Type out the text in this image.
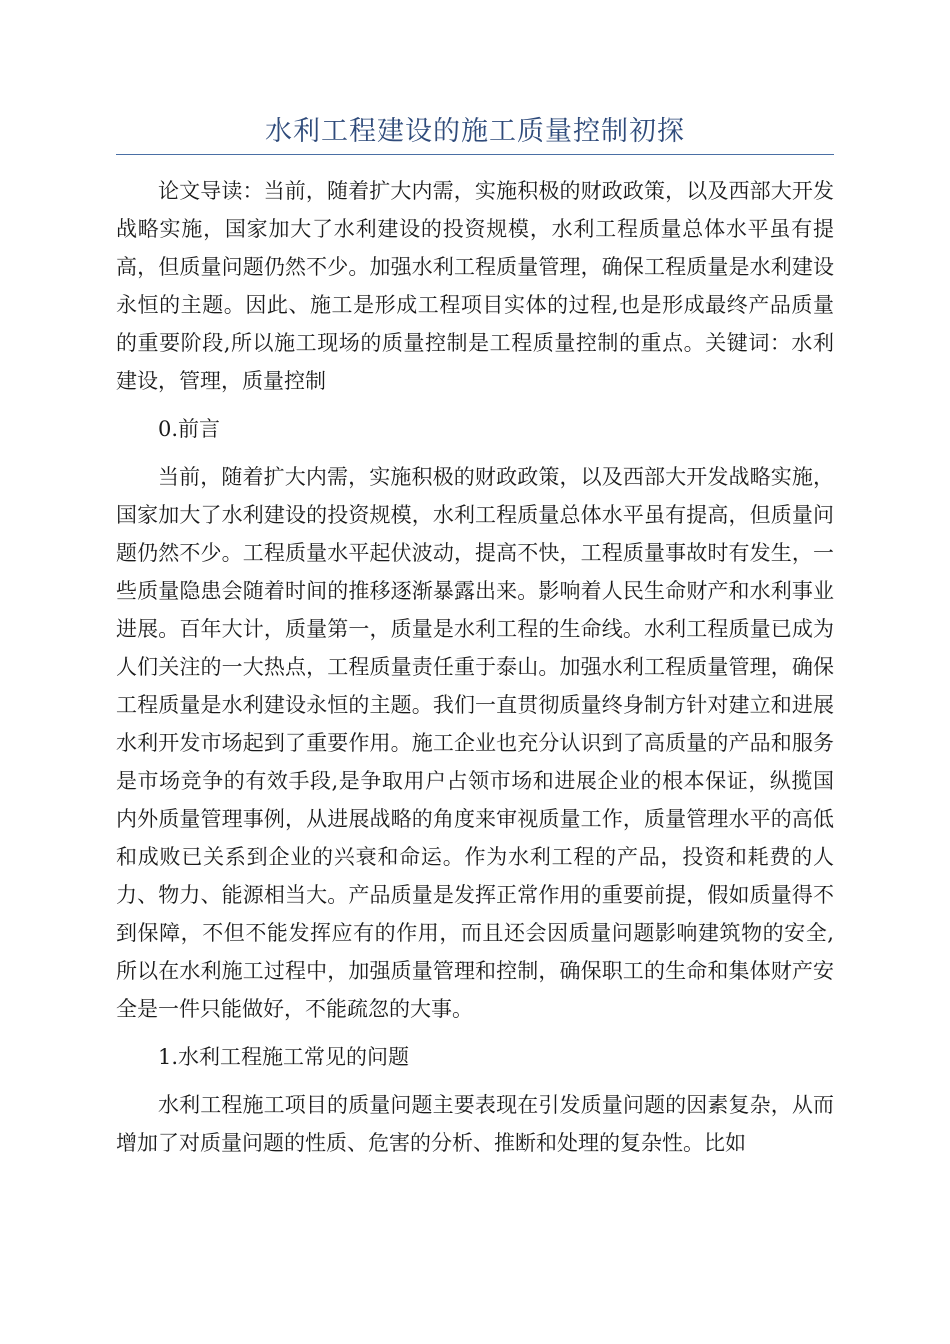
水利工程建设的施工质量控制初探

论文导读：当前，随着扩大内需，实施积极的财政政策，以及西部大开发战略实施，国家加大了水利建设的投资规模，水利工程质量总体水平虽有提高，但质量问题仍然不少。加强水利工程质量管理，确保工程质量是水利建设永恒的主题。因此、施工是形成工程项目实体的过程,也是形成最终产品质量的重要阶段,所以施工现场的质量控制是工程质量控制的重点。关键词：水利建设，管理，质量控制

0.前言

当前，随着扩大内需，实施积极的财政政策，以及西部大开发战略实施，国家加大了水利建设的投资规模，水利工程质量总体水平虽有提高，但质量问题仍然不少。工程质量水平起伏波动，提高不快，工程质量事故时有发生，一些质量隐患会随着时间的推移逐渐暴露出来。影响着人民生命财产和水利事业进展。百年大计，质量第一，质量是水利工程的生命线。水利工程质量已成为人们关注的一大热点，工程质量责任重于泰山。加强水利工程质量管理，确保工程质量是水利建设永恒的主题。我们一直贯彻质量终身制方针对建立和进展水利开发市场起到了重要作用。施工企业也充分认识到了高质量的产品和服务是市场竞争的有效手段,是争取用户占领市场和进展企业的根本保证，纵揽国内外质量管理事例，从进展战略的角度来审视质量工作，质量管理水平的高低和成败已关系到企业的兴衰和命运。作为水利工程的产品，投资和耗费的人力、物力、能源相当大。产品质量是发挥正常作用的重要前提，假如质量得不到保障，不但不能发挥应有的作用，而且还会因质量问题影响建筑物的安全,所以在水利施工过程中，加强质量管理和控制，确保职工的生命和集体财产安全是一件只能做好，不能疏忽的大事。

1.水利工程施工常见的问题

水利工程施工项目的质量问题主要表现在引发质量问题的因素复杂，从而增加了对质量问题的性质、危害的分析、推断和处理的复杂性。比如
